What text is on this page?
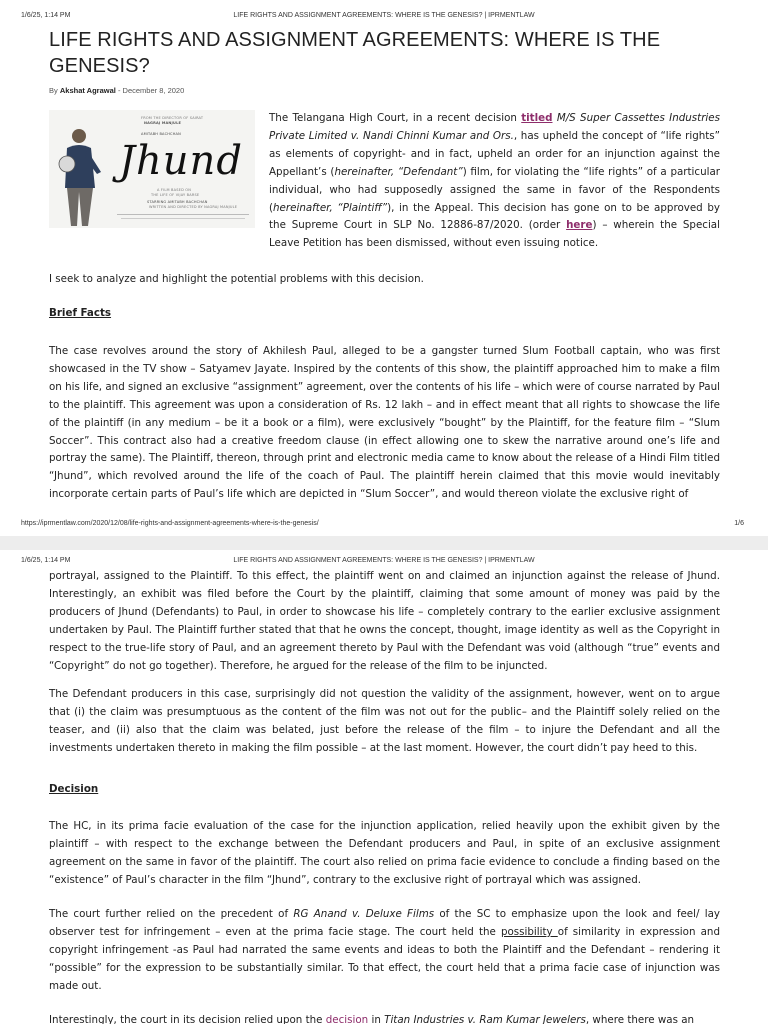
1/6/25, 1:14 PM	LIFE RIGHTS AND ASSIGNMENT AGREEMENTS: WHERE IS THE GENESIS? | IPRMENTLAW
LIFE RIGHTS AND ASSIGNMENT AGREEMENTS: WHERE IS THE GENESIS?
By Akshat Agrawal - December 8, 2020
FROM THE DIRECTOR OF SAIRAT
NAGRAJ MANJULE
AMITABH BACHCHAN
Jhund
A FILM BASED ON
THE LIFE OF VIJAY BARSE
STARRING AMITABH BACHCHAN
WRITTEN AND DIRECTED BY NAGRAJ MANJULE

The Telangana High Court, in a recent decision titled M/S Super Cassettes Industries Private Limited v. Nandi Chinni Kumar and Ors., has upheld the concept of “life rights” as elements of copyright- and in fact, upheld an order for an injunction against the Appellant’s (hereinafter, “Defendant”) film, for violating the “life rights” of a particular individual, who had supposedly assigned the same in favor of the Respondents (hereinafter, “Plaintiff”), in the Appeal. This decision has gone on to be approved by the Supreme Court in SLP No. 12886-87/2020. (order here) – wherein the Special Leave Petition has been dismissed, without even issuing notice.

I seek to analyze and highlight the potential problems with this decision.

Brief Facts

The case revolves around the story of Akhilesh Paul, alleged to be a gangster turned Slum Football captain, who was first showcased in the TV show – Satyamev Jayate. Inspired by the contents of this show, the plaintiff approached him to make a film on his life, and signed an exclusive “assignment” agreement, over the contents of his life – which were of course narrated by Paul to the plaintiff. This agreement was upon a consideration of Rs. 12 lakh – and in effect meant that all rights to showcase the life of the plaintiff (in any medium – be it a book or a film), were exclusively “bought” by the Plaintiff, for the feature film – “Slum Soccer”. This contract also had a creative freedom clause (in effect allowing one to skew the narrative around one’s life and portray the same). The Plaintiff, thereon, through print and electronic media came to know about the release of a Hindi Film titled “Jhund”, which revolved around the life of the coach of Paul. The plaintiff herein claimed that this movie would inevitably incorporate certain parts of Paul’s life which are depicted in “Slum Soccer”, and would thereon violate the exclusive right of

https://iprmentlaw.com/2020/12/08/life-rights-and-assignment-agreements-where-is-the-genesis/	1/6
1/6/25, 1:14 PM	LIFE RIGHTS AND ASSIGNMENT AGREEMENTS: WHERE IS THE GENESIS? | IPRMENTLAW

portrayal, assigned to the Plaintiff. To this effect, the plaintiff went on and claimed an injunction against the release of Jhund. Interestingly, an exhibit was filed before the Court by the plaintiff, claiming that some amount of money was paid by the producers of Jhund (Defendants) to Paul, in order to showcase his life – completely contrary to the earlier exclusive assignment undertaken by Paul. The Plaintiff further stated that that he owns the concept, thought, image identity as well as the Copyright in respect to the true-life story of Paul, and an agreement thereto by Paul with the Defendant was void (although “true” events and “Copyright” do not go together). Therefore, he argued for the release of the film to be injuncted.

The Defendant producers in this case, surprisingly did not question the validity of the assignment, however, went on to argue that (i) the claim was presumptuous as the content of the film was not out for the public– and the Plaintiff solely relied on the teaser, and (ii) also that the claim was belated, just before the release of the film – to injure the Defendant and all the investments undertaken thereto in making the film possible – at the last moment. However, the court didn’t pay heed to this.

Decision

The HC, in its prima facie evaluation of the case for the injunction application, relied heavily upon the exhibit given by the plaintiff – with respect to the exchange between the Defendant producers and Paul, in spite of an exclusive assignment agreement on the same in favor of the plaintiff. The court also relied on prima facie evidence to conclude a finding based on the “existence” of Paul’s character in the film “Jhund”, contrary to the exclusive right of portrayal which was assigned.

The court further relied on the precedent of RG Anand v. Deluxe Films of the SC to emphasize upon the look and feel/ lay observer test for infringement – even at the prima facie stage. The court held the possibility of similarity in expression and copyright infringement -as Paul had narrated the same events and ideas to both the Plaintiff and the Defendant – rendering it “possible” for the expression to be substantially similar. To that effect, the court held that a prima facie case of injunction was made out.

Interestingly, the court in its decision relied upon the decision in Titan Industries v. Ram Kumar Jewelers, where there was an
